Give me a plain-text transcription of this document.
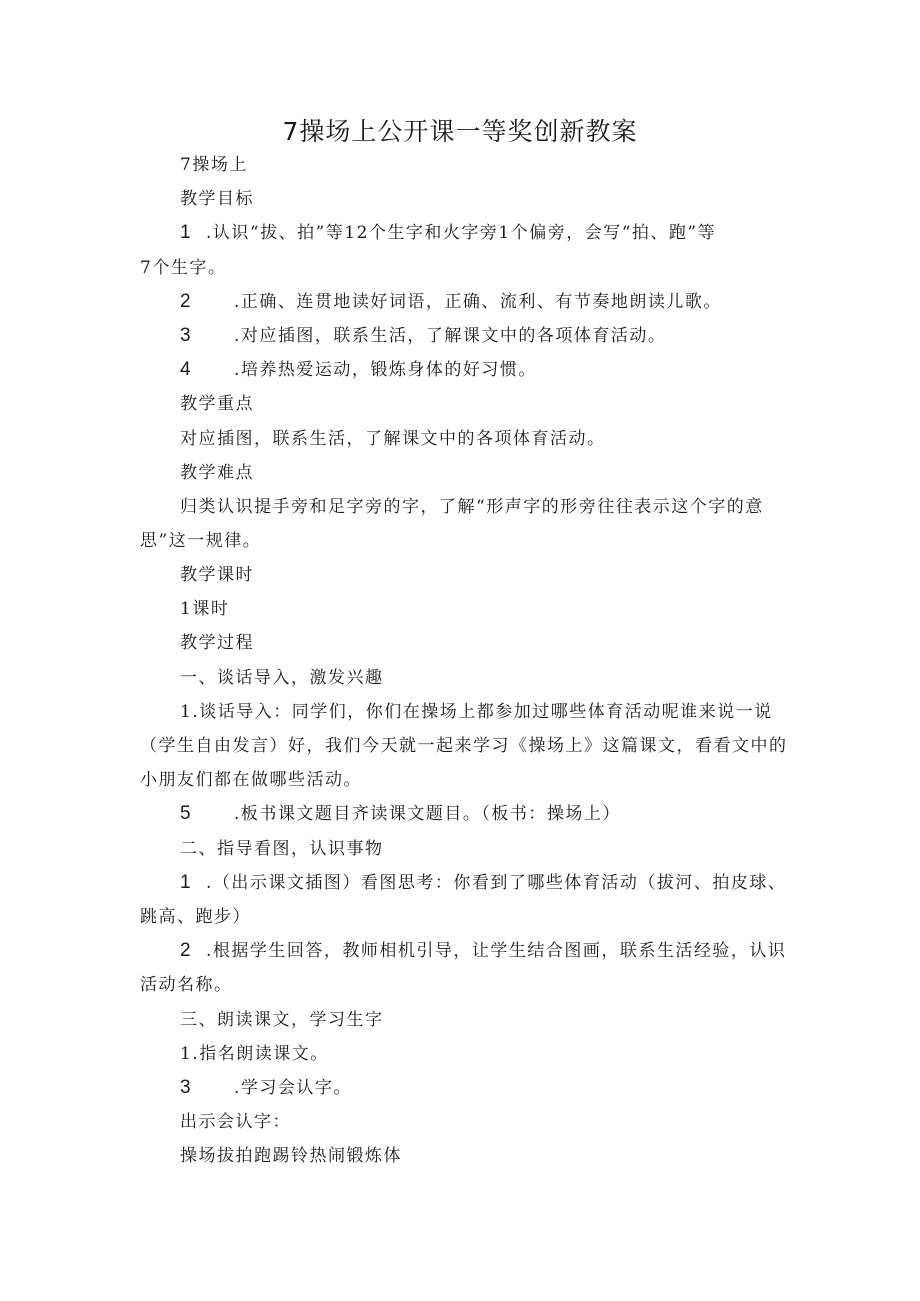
7操场上公开课一等奖创新教案
7操场上
教学目标
1 .认识“拔、拍”等12个生字和火字旁1个偏旁，会写“拍、跑”等
7个生字。
2 .正确、连贯地读好词语，正确、流利、有节奏地朗读儿歌。
3 .对应插图，联系生活，了解课文中的各项体育活动。
4 .培养热爱运动，锻炼身体的好习惯。
教学重点
对应插图，联系生活，了解课文中的各项体育活动。
教学难点
归类认识提手旁和足字旁的字，了解“形声字的形旁往往表示这个字的意
思”这一规律。
教学课时
1课时
教学过程
一、谈话导入，激发兴趣
1.谈话导入：同学们，你们在操场上都参加过哪些体育活动呢谁来说一说
（学生自由发言）好，我们今天就一起来学习《操场上》这篇课文，看看文中的
小朋友们都在做哪些活动。
5 .板书课文题目齐读课文题目。（板书：操场上）
二、指导看图，认识事物
1 .（出示课文插图）看图思考：你看到了哪些体育活动（拔河、拍皮球、
跳高、跑步）
2 .根据学生回答，教师相机引导，让学生结合图画，联系生活经验，认识
活动名称。
三、朗读课文，学习生字
1.指名朗读课文。
3 .学习会认字。
出示会认字：
操场拔拍跑踢铃热闹锻炼体
